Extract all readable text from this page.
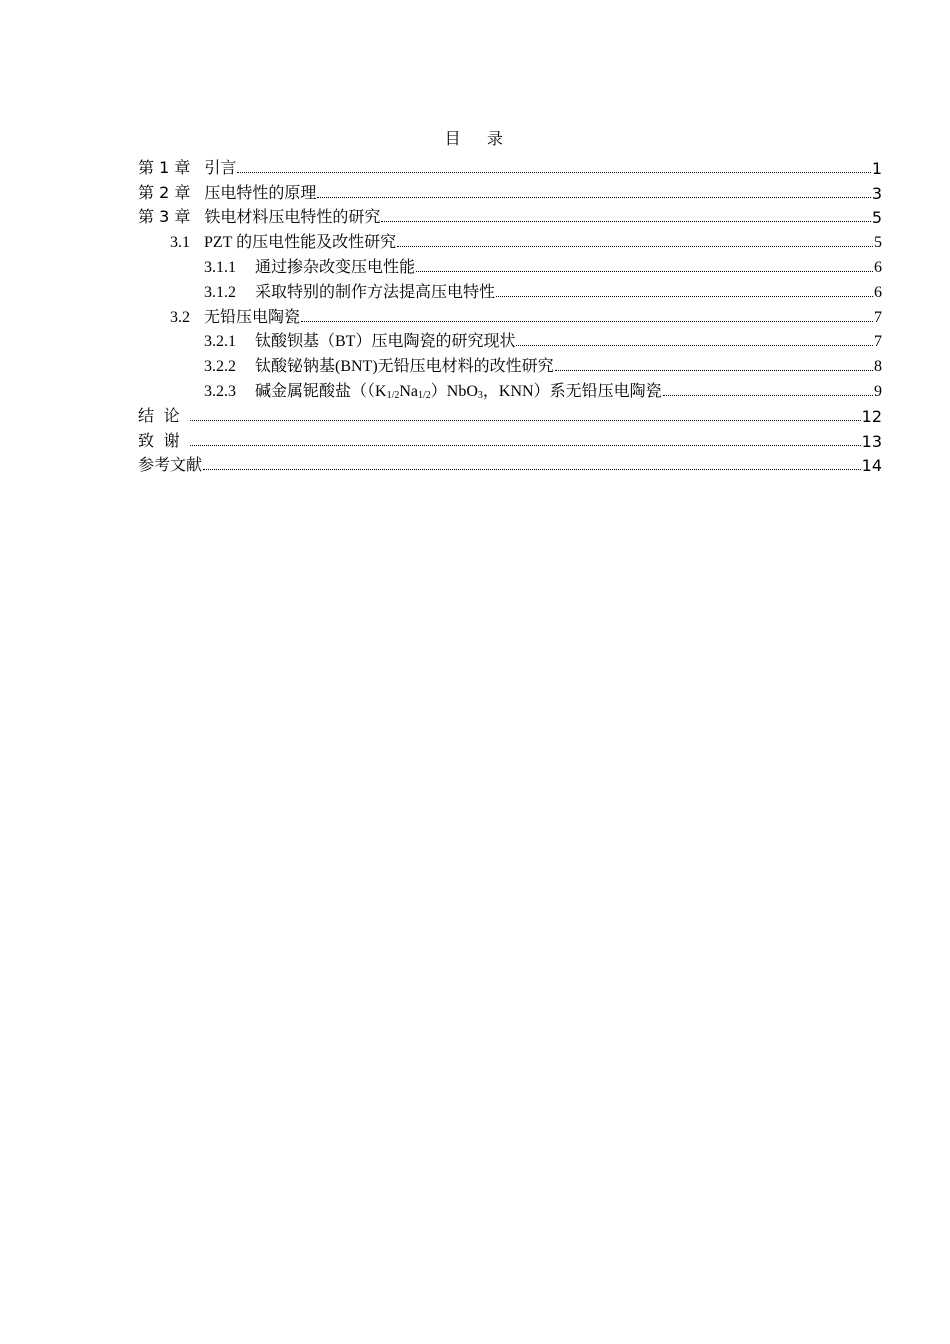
目 录
第 1 章 引言	1
第 2 章 压电特性的原理	3
第 3 章 铁电材料压电特性的研究	5
3.1 PZT 的压电性能及改性研究	5
3.1.1 通过掺杂改变压电性能	6
3.1.2 采取特别的制作方法提高压电特性	6
3.2 无铅压电陶瓷	7
3.2.1 钛酸钡基（BT）压电陶瓷的研究现状	7
3.2.2 钛酸铋钠基(BNT)无铅压电材料的改性研究	8
3.2.3 碱金属铌酸盐（$(K_{1/2}Na_{1/2})NbO_3$，KNN）系无铅压电陶瓷	9
结论	12
致谢	13
参考文献	14
